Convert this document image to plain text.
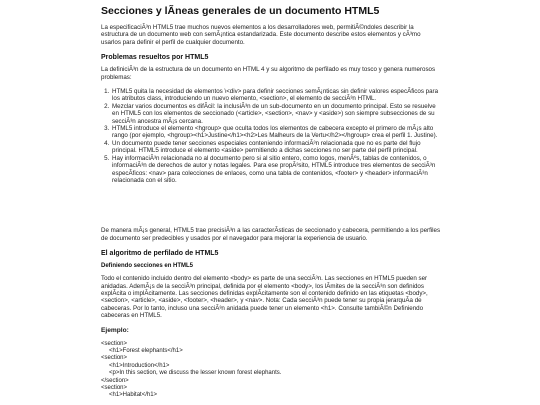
Secciones y lÃneas generales de un documento HTML5

La especificaciÃ³n HTML5 trae muchos nuevos elementos a los desarrolladores web, permitiÃ©ndoles describir la estructura de un documento web con semÃ¡ntica estandarizada. Este documento describe estos elementos y cÃ³mo usarlos para definir el perfil de cualquier documento.

Problemas resueltos por HTML5

La definiciÃ³n de la estructura de un documento en HTML 4 y su algoritmo de perfilado es muy tosco y genera numerosos problemas:

1. HTML5 quita la necesidad de elementos \<div> para definir secciones semÃ¡nticas sin definir valores especÃficos para los atributos class, introduciendo un nuevo elemento, <section>, el elemento de secciÃ³n HTML.
2. Mezclar varios documentos es difÃcil: la inclusiÃ³n de un sub-documento en un documento principal. Esto se resuelve en HTML5 con los elementos de seccionado (<article>, <section>, <nav> y <aside>) son siempre subsecciones de su secciÃ³n ancestra mÃ¡s cercana.
3. HTML5 introduce el elemento <hgroup> que oculta todos los elementos de cabecera excepto el primero de mÃ¡s alto rango (por ejemplo, <hgroup><h1>Justine</h1><h2>Les Malheurs de la Vertu</h2></hgroup> crea el perfil 1. Justine).
4. Un documento puede tener secciones especiales conteniendo informaciÃ³n relacionada que no es parte del flujo principal. HTML5 introduce el elemento <aside> permitiendo a dichas secciones no ser parte del perfil principal.
5. Hay informaciÃ³n relacionada no al documento pero si al sitio entero, como logos, menÃºs, tablas de contenidos, o informaciÃ³n de derechos de autor y notas legales. Para ese propÃ³sito, HTML5 introduce tres elementos de secciÃ³n especÃficos: <nav> para colecciones de enlaces, como una tabla de contenidos, <footer> y <header> informaciÃ³n relacionada con el sitio.

De manera mÃ¡s general, HTML5 trae precisiÃ³n a las caracterÃsticas de seccionado y cabecera, permitiendo a los perfiles de documento ser predecibles y usados por el navegador para mejorar la experiencia de usuario.

El algoritmo de perfilado de HTML5
Definiendo secciones en HTML5

Todo el contenido incluido dentro del elemento <body> es parte de una secciÃ³n. Las secciones en HTML5 pueden ser anidadas. AdemÃ¡s de la secciÃ³n principal, definida por el elemento <body>, los lÃmites de la secciÃ³n son definidos explÃcita o implÃcitamente. Las secciones definidas explÃcitamente son el contenido definido en las etiquetas <body>, <section>, <article>, <aside>, <footer>, <header>, y <nav>. Nota: Cada secciÃ³n puede tener su propia jerarquÃa de cabeceras. Por lo tanto, incluso una secciÃ³n anidada puede tener un elemento <h1>. Consulte tambiÃ©n Definiendo cabeceras en HTML5.

Ejemplo:
<section>
<h1>Forest elephants</h1>
<section>
<h1>Introduction</h1>
<p>In this section, we discuss the lesser known forest elephants.
</section>
<section>
<h1>Habitat</h1>
